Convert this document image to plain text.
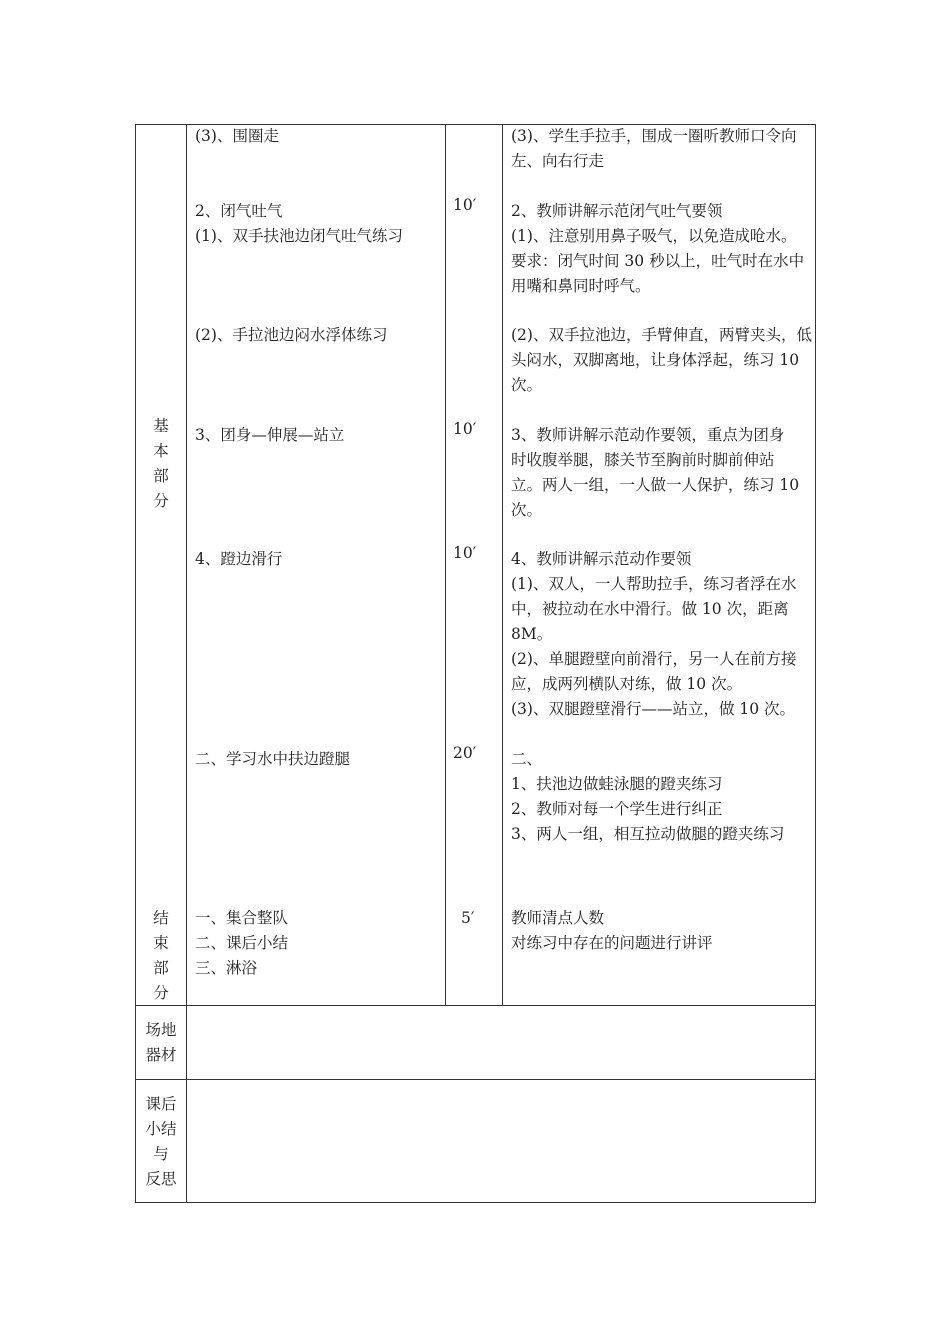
基
本
部
分
结
束
部
分
场地
器材
课后
小结
与
反思
(3)、围圈走
2、闭气吐气
(1)、双手扶池边闭气吐气练习
(2)、手拉池边闷水浮体练习
3、团身—伸展—站立
4、蹬边滑行
二、学习水中扶边蹬腿
一、集合整队
二、课后小结
三、淋浴
10′
10′
10′
20′
5′
(3)、学生手拉手，围成一圈听教师口令向
左、向右行走
2、教师讲解示范闭气吐气要领
(1)、注意别用鼻子吸气，以免造成呛水。
要求：闭气时间 30 秒以上，吐气时在水中
用嘴和鼻同时呼气。
(2)、双手拉池边，手臂伸直，两臂夹头，低
头闷水，双脚离地，让身体浮起，练习 10
次。
3、教师讲解示范动作要领，重点为团身
时收腹举腿，膝关节至胸前时脚前伸站
立。两人一组，一人做一人保护，练习 10
次。
4、教师讲解示范动作要领
(1)、双人，一人帮助拉手，练习者浮在水
中，被拉动在水中滑行。做 10 次，距离
8M。
(2)、单腿蹬壁向前滑行，另一人在前方接
应，成两列横队对练，做 10 次。
(3)、双腿蹬壁滑行——站立，做 10 次。
二、
1、扶池边做蛙泳腿的蹬夹练习
2、教师对每一个学生进行纠正
3、两人一组，相互拉动做腿的蹬夹练习
教师清点人数
对练习中存在的问题进行讲评
